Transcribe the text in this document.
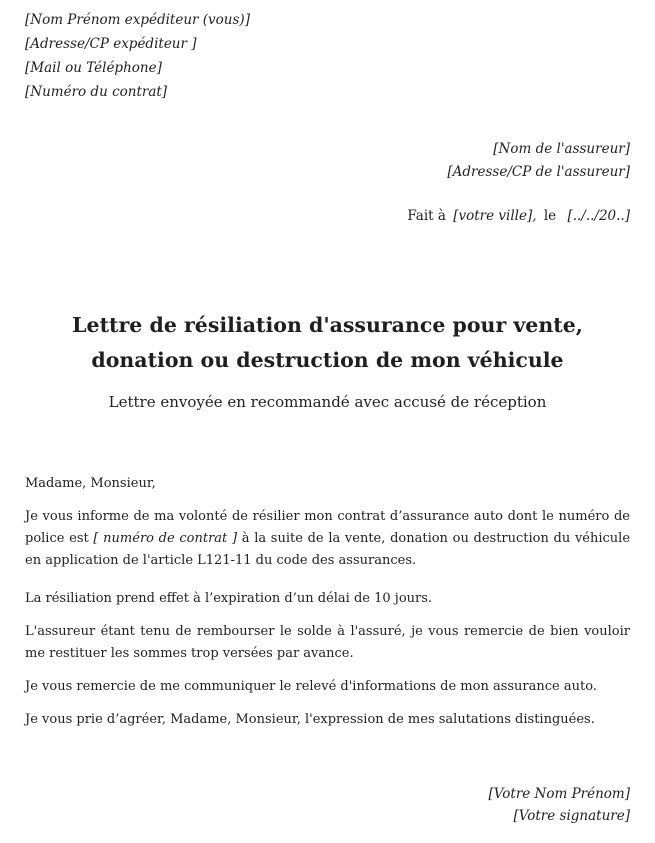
[Nom Prénom expéditeur (vous)]
[Adresse/CP expéditeur ]
[Mail ou Téléphone]
[Numéro du contrat]
[Nom de l'assureur]
[Adresse/CP de l'assureur]
Fait à [votre ville], le [../../20..]
Lettre de résiliation d'assurance pour vente, donation ou destruction de mon véhicule
Lettre envoyée en recommandé avec accusé de réception

Madame, Monsieur,

Je vous informe de ma volonté de résilier mon contrat d’assurance auto dont le numéro de police est [ numéro de contrat ] à la suite de la vente, donation ou destruction du véhicule en application de l'article L121-11 du code des assurances.

La résiliation prend effet à l’expiration d’un délai de 10 jours.

L'assureur étant tenu de rembourser le solde à l'assuré, je vous remercie de bien vouloir me restituer les sommes trop versées par avance.

Je vous remercie de me communiquer le relevé d'informations de mon assurance auto.

Je vous prie d’agréer, Madame, Monsieur, l'expression de mes salutations distinguées.

[Votre Nom Prénom]
[Votre signature]
